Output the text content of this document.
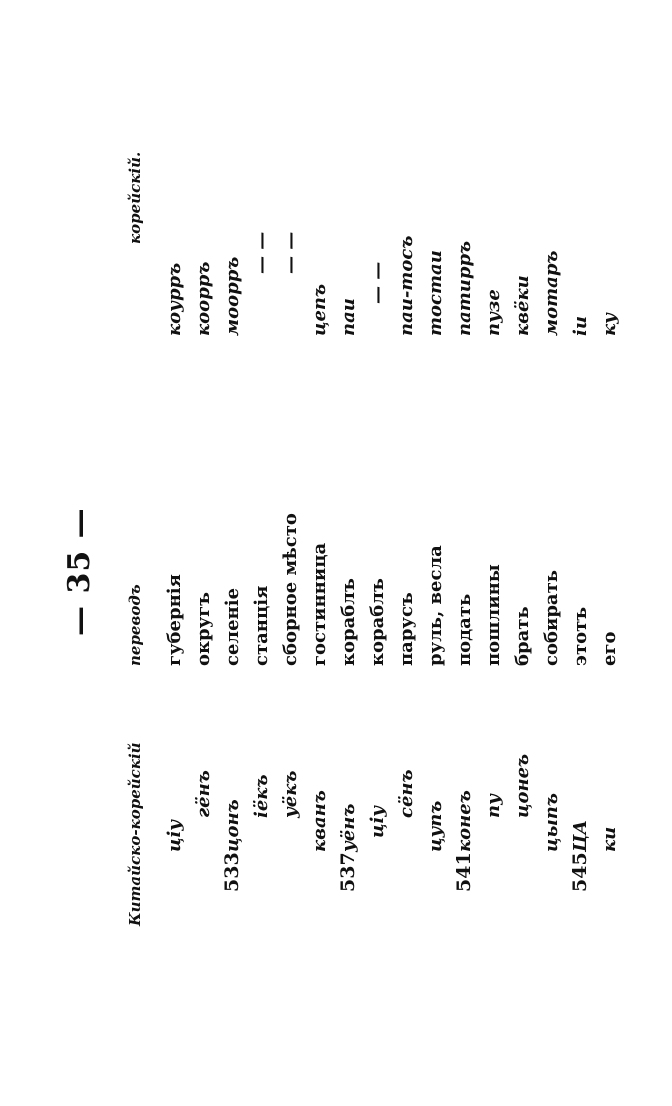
— 35 —
Китайско-корейскій
переводъ
корейскій.
цiу
губернія
коурръ
гёнъ
округъ
коорръ
533
цонъ
селеніе
моорръ
іёкъ
станція
— —
уёкъ
сборное мѣсто
— —
кванъ
гостинница
цепъ
537
уёнъ
кораблъ
паи
цiу
кораблъ
— —
сёнъ
парусъ
паи-тосъ
цупъ
руль, весла
тостаи
541
конеъ
подать
патирръ
пу
пошлины
пузе
цонеъ
брать
квёки
цыпъ
собирать
мотаръ
545
ЦА
этотъ
іи
ки
его
ку
